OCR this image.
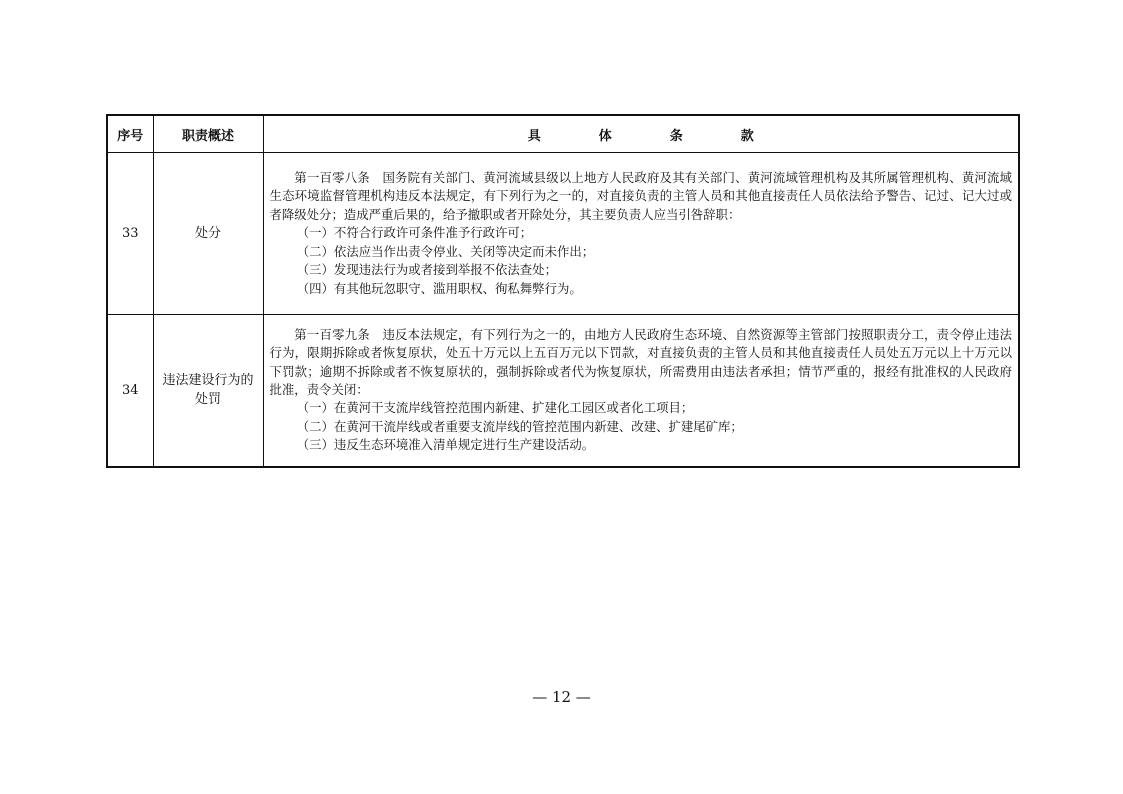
序号	职责概述	具体条款
33	处分	第一百零八条　国务院有关部门、黄河流域县级以上地方人民政府及其有关部门、黄河流域管理机构及其所属管理机构、黄河流域生态环境监督管理机构违反本法规定，有下列行为之一的，对直接负责的主管人员和其他直接责任人员依法给予警告、记过、记大过或者降级处分；造成严重后果的，给予撤职或者开除处分，其主要负责人应当引咎辞职：

（一）不符合行政许可条件准予行政许可；

（二）依法应当作出责令停业、关闭等决定而未作出；

（三）发现违法行为或者接到举报不依法查处；

（四）有其他玩忽职守、滥用职权、徇私舞弊行为。

34	违法建设行为的处罚	第一百零九条　违反本法规定，有下列行为之一的，由地方人民政府生态环境、自然资源等主管部门按照职责分工，责令停止违法行为，限期拆除或者恢复原状，处五十万元以上五百万元以下罚款，对直接负责的主管人员和其他直接责任人员处五万元以上十万元以下罚款；逾期不拆除或者不恢复原状的，强制拆除或者代为恢复原状，所需费用由违法者承担；情节严重的，报经有批准权的人民政府批准，责令关闭：

（一）在黄河干支流岸线管控范围内新建、扩建化工园区或者化工项目；

（二）在黄河干流岸线或者重要支流岸线的管控范围内新建、改建、扩建尾矿库；

（三）违反生态环境准入清单规定进行生产建设活动。

— 12 —
